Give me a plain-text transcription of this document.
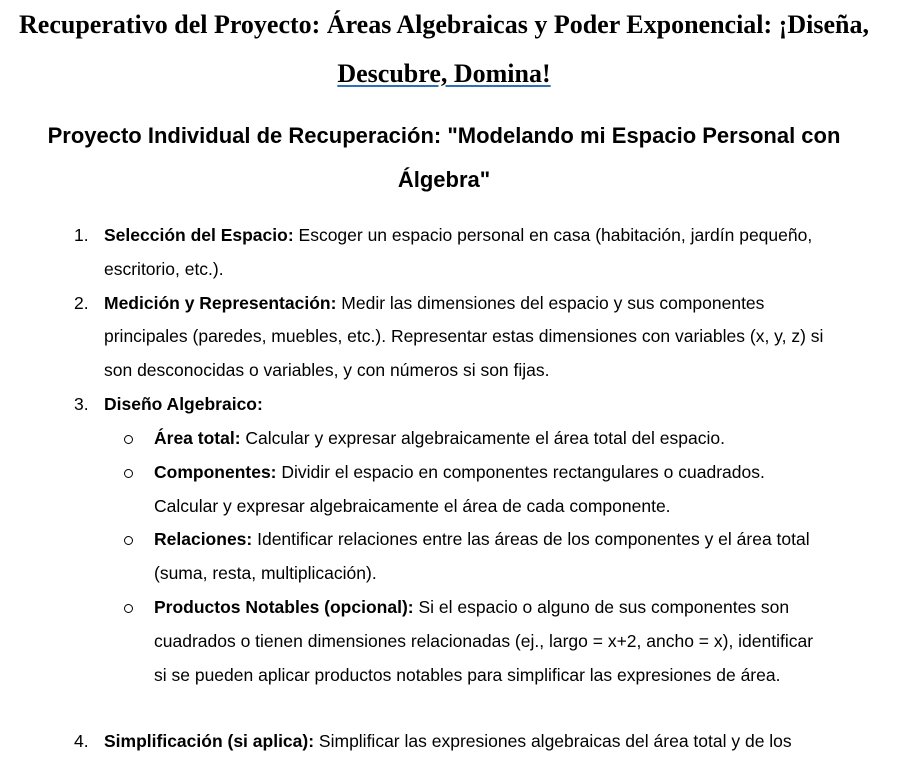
Recuperativo del Proyecto: Áreas Algebraicas y Poder Exponencial: ¡Diseña, Descubre, Domina!
Proyecto Individual de Recuperación: "Modelando mi Espacio Personal con Álgebra"
1. Selección del Espacio: Escoger un espacio personal en casa (habitación, jardín pequeño, escritorio, etc.).
2. Medición y Representación: Medir las dimensiones del espacio y sus componentes principales (paredes, muebles, etc.). Representar estas dimensiones con variables (x, y, z) si son desconocidas o variables, y con números si son fijas.
3. Diseño Algebraico:
Área total: Calcular y expresar algebraicamente el área total del espacio.
Componentes: Dividir el espacio en componentes rectangulares o cuadrados. Calcular y expresar algebraicamente el área de cada componente.
Relaciones: Identificar relaciones entre las áreas de los componentes y el área total (suma, resta, multiplicación).
Productos Notables (opcional): Si el espacio o alguno de sus componentes son cuadrados o tienen dimensiones relacionadas (ej., largo = x+2, ancho = x), identificar si se pueden aplicar productos notables para simplificar las expresiones de área.
4. Simplificación (si aplica): Simplificar las expresiones algebraicas del área total y de los
